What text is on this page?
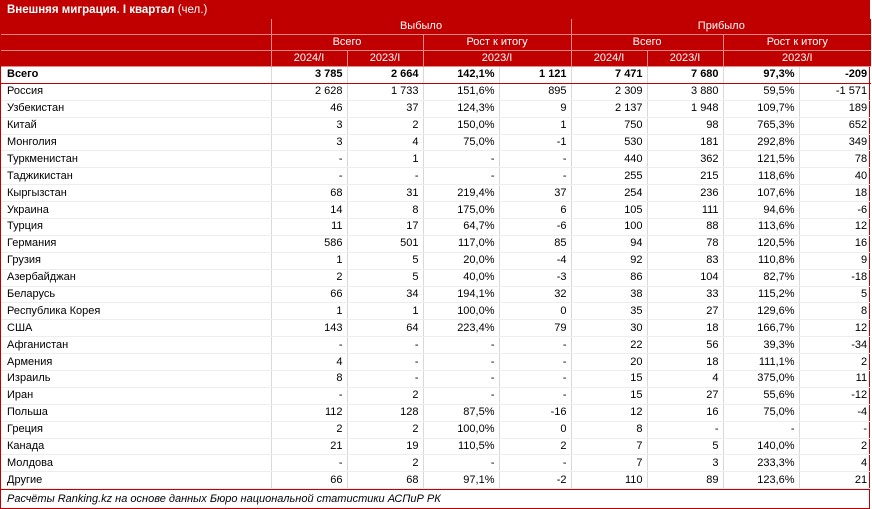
Внешняя миграция. I квартал (чел.)
	Выбыло				Прибыло			
	Всего		Рост к итогу		Всего		Рост к итогу	
	2024/I	2023/I	2023/I		2024/I	2023/I	2023/I	
Всего	3 785	2 664	142,1%	1 121	7 471	7 680	97,3%	-209
Россия	2 628	1 733	151,6%	895	2 309	3 880	59,5%	-1 571
Узбекистан	46	37	124,3%	9	2 137	1 948	109,7%	189
Китай	3	2	150,0%	1	750	98	765,3%	652
Монголия	3	4	75,0%	-1	530	181	292,8%	349
Туркменистан	-	1	-	-	440	362	121,5%	78
Таджикистан	-	-	-	-	255	215	118,6%	40
Кыргызстан	68	31	219,4%	37	254	236	107,6%	18
Украина	14	8	175,0%	6	105	111	94,6%	-6
Турция	11	17	64,7%	-6	100	88	113,6%	12
Германия	586	501	117,0%	85	94	78	120,5%	16
Грузия	1	5	20,0%	-4	92	83	110,8%	9
Азербайджан	2	5	40,0%	-3	86	104	82,7%	-18
Беларусь	66	34	194,1%	32	38	33	115,2%	5
Республика Корея	1	1	100,0%	0	35	27	129,6%	8
США	143	64	223,4%	79	30	18	166,7%	12
Афганистан	-	-	-	-	22	56	39,3%	-34
Армения	4	-	-	-	20	18	111,1%	2
Израиль	8	-	-	-	15	4	375,0%	11
Иран	-	2	-	-	15	27	55,6%	-12
Польша	112	128	87,5%	-16	12	16	75,0%	-4
Греция	2	2	100,0%	0	8	-	-	-
Канада	21	19	110,5%	2	7	5	140,0%	2
Молдова	-	2	-	-	7	3	233,3%	4
Другие	66	68	97,1%	-2	110	89	123,6%	21
Расчёты Ranking.kz на основе данных Бюро национальной статистики АСПиР РК
